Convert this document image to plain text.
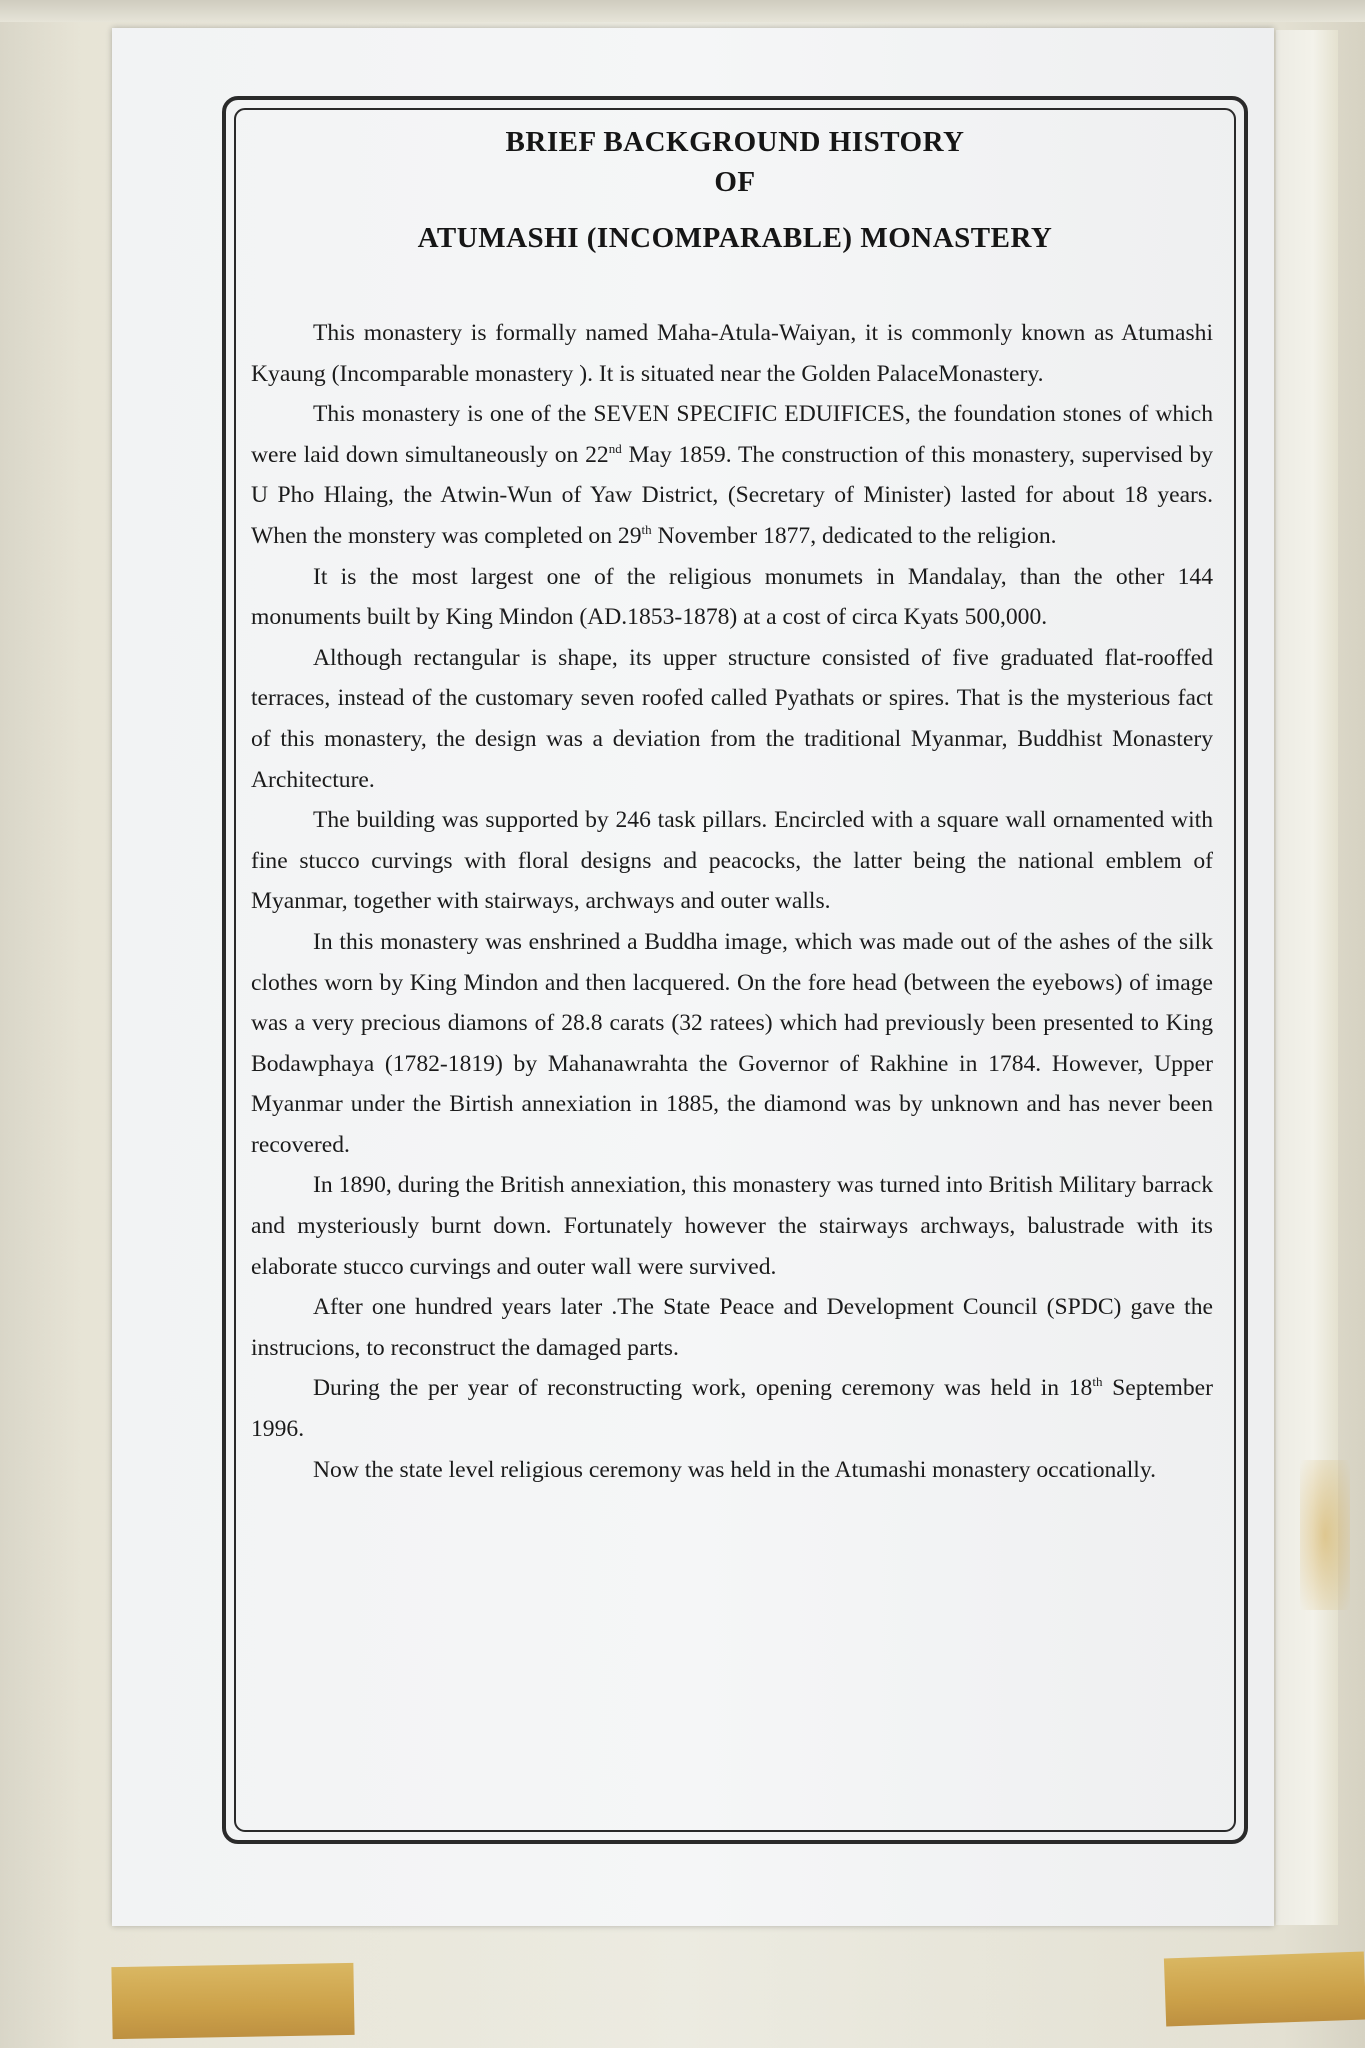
BRIEF BACKGROUND HISTORY
OF
ATUMASHI (INCOMPARABLE) MONASTERY

This monastery is formally named Maha-Atula-Waiyan, it is commonly known as Atumashi Kyaung (Incomparable monastery ). It is situated near the Golden PalaceMonastery.

This monastery is one of the SEVEN SPECIFIC EDUIFICES, the foundation stones of which were laid down simultaneously on 22nd May 1859. The construction of this monastery, supervised by U Pho Hlaing, the Atwin-Wun of Yaw District, (Secretary of Minister) lasted for about 18 years. When the monstery was completed on 29th November 1877, dedicated to the religion.

It is the most largest one of the religious monumets in Mandalay, than the other 144 monuments built by King Mindon (AD.1853-1878) at a cost of circa Kyats 500,000.

Although rectangular is shape, its upper structure consisted of five graduated flat-rooffed terraces, instead of the customary seven roofed called Pyathats or spires. That is the mysterious fact of this monastery, the design was a deviation from the traditional Myanmar, Buddhist Monastery Architecture.

The building was supported by 246 task pillars. Encircled with a square wall ornamented with fine stucco curvings with floral designs and peacocks, the latter being the national emblem of Myanmar, together with stairways, archways and outer walls.

In this monastery was enshrined a Buddha image, which was made out of the ashes of the silk clothes worn by King Mindon and then lacquered. On the fore head (between the eyebows) of image was a very precious diamons of 28.8 carats (32 ratees) which had previously been presented to King Bodawphaya (1782-1819) by Mahanawrahta the Governor of Rakhine in 1784. However, Upper Myanmar under the Birtish annexiation in 1885, the diamond was by unknown and has never been recovered.

In 1890, during the British annexiation, this monastery was turned into British Military barrack and mysteriously burnt down. Fortunately however the stairways archways, balustrade with its elaborate stucco curvings and outer wall were survived.

After one hundred years later .The State Peace and Development Council (SPDC) gave the instrucions, to reconstruct the damaged parts.

During the per year of reconstructing work, opening ceremony was held in 18th September 1996.

Now the state level religious ceremony was held in the Atumashi monastery occationally.
